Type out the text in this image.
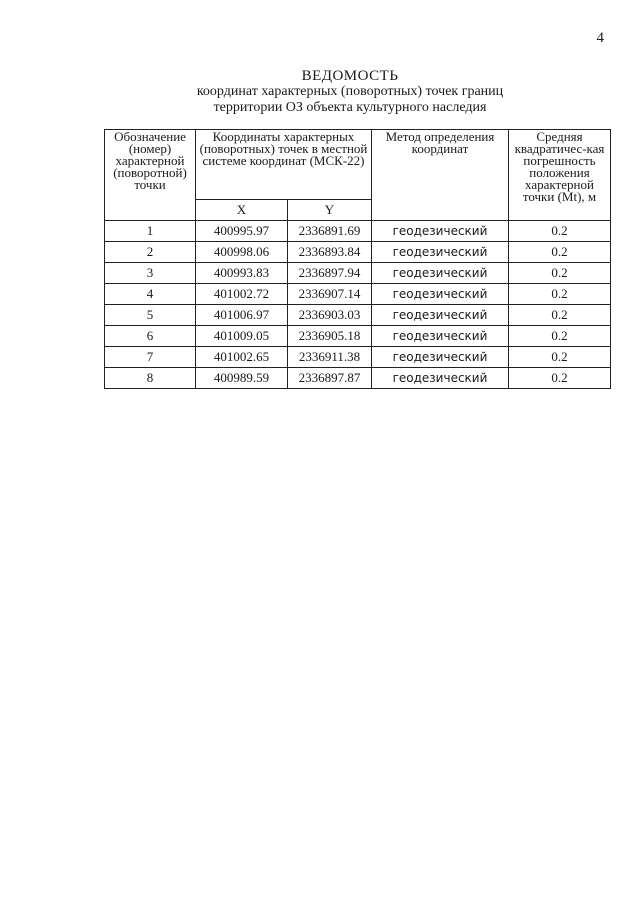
4
ВЕДОМОСТЬ
координат характерных (поворотных) точек границ
территории ОЗ объекта культурного наследия
Обозначение (номер) характерной (поворотной) точки	Координаты характерных (поворотных) точек в местной системе координат (МСК-22)		Метод определения координат	Средняя квадратичес-кая погрешность положения характерной точки (Mt), м
	X	Y		
1	400995.97	2336891.69	геодезический	0.2
2	400998.06	2336893.84	геодезический	0.2
3	400993.83	2336897.94	геодезический	0.2
4	401002.72	2336907.14	геодезический	0.2
5	401006.97	2336903.03	геодезический	0.2
6	401009.05	2336905.18	геодезический	0.2
7	401002.65	2336911.38	геодезический	0.2
8	400989.59	2336897.87	геодезический	0.2
